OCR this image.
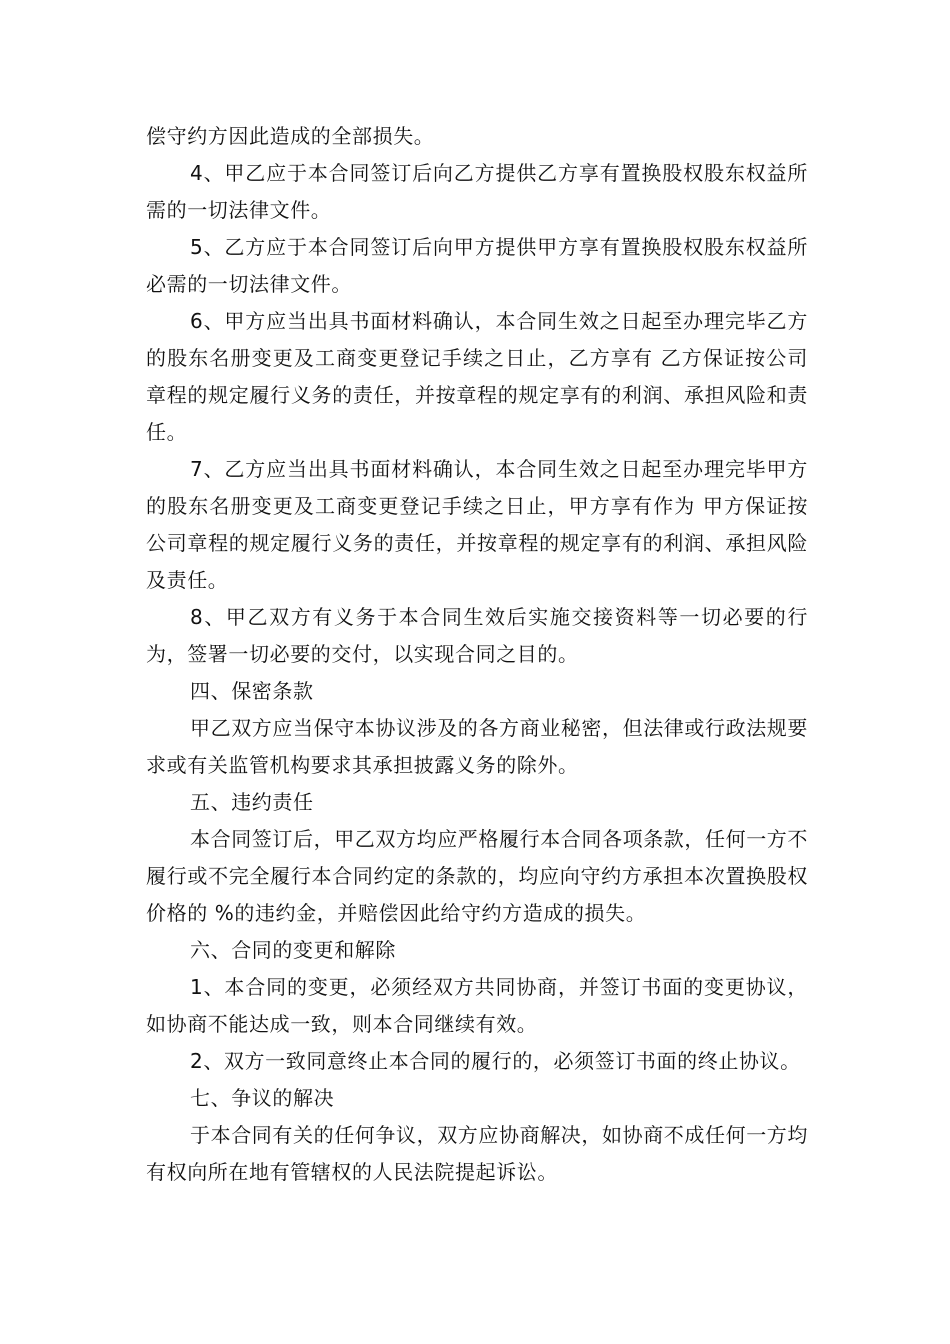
偿守约方因此造成的全部损失。

4、甲乙应于本合同签订后向乙方提供乙方享有置换股权股东权益所需的一切法律文件。

5、乙方应于本合同签订后向甲方提供甲方享有置换股权股东权益所必需的一切法律文件。

6、甲方应当出具书面材料确认，本合同生效之日起至办理完毕乙方的股东名册变更及工商变更登记手续之日止，乙方享有 乙方保证按公司章程的规定履行义务的责任，并按章程的规定享有的利润、承担风险和责任。

7、乙方应当出具书面材料确认，本合同生效之日起至办理完毕甲方的股东名册变更及工商变更登记手续之日止，甲方享有作为 甲方保证按 公司章程的规定履行义务的责任，并按章程的规定享有的利润、承担风险及责任。

8、甲乙双方有义务于本合同生效后实施交接资料等一切必要的行为，签署一切必要的交付，以实现合同之目的。

四、保密条款

甲乙双方应当保守本协议涉及的各方商业秘密，但法律或行政法规要求或有关监管机构要求其承担披露义务的除外。

五、违约责任

本合同签订后，甲乙双方均应严格履行本合同各项条款，任何一方不履行或不完全履行本合同约定的条款的，均应向守约方承担本次置换股权价格的 %的违约金，并赔偿因此给守约方造成的损失。

六、合同的变更和解除

1、本合同的变更，必须经双方共同协商，并签订书面的变更协议，如协商不能达成一致，则本合同继续有效。

2、双方一致同意终止本合同的履行的，必须签订书面的终止协议。

七、争议的解决

于本合同有关的任何争议，双方应协商解决，如协商不成任何一方均有权向所在地有管辖权的人民法院提起诉讼。
